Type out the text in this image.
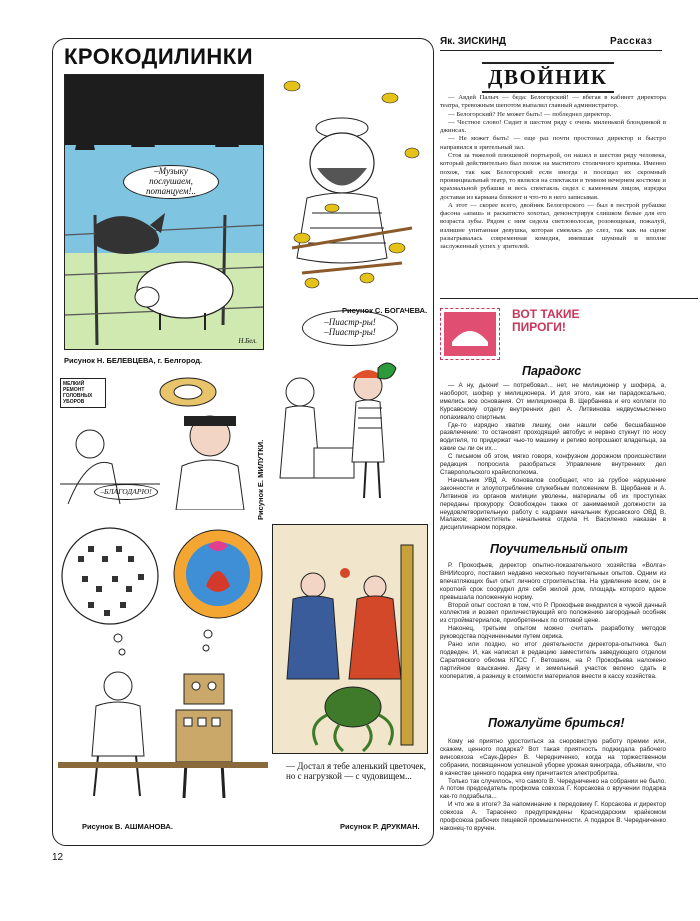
Як. ЗИСКИНД	Рассказ
КРОКОДИЛИНКИ
–Музыку послушаем, потанцуем!..
Н.Бел.
Рисунок Н. БЕЛЕВЦЕВА, г. Белгород.
Рисунок С. БОГАЧЕВА.
МЕЛКИЙ РЕМОНТ ГОЛОВНЫХ УБОРОВ
–БЛАГОДАРЮ!	Рисунок Е. МИЛУТКИ.
–Пиастр-ры!
–Пиастр-ры!
Рисунок В. АШМАНОВА.
— Достал я тебе аленький цветочек, но с нагрузкой — с чудовищем...
Рисунок Р. ДРУКМАН.
ДВОЙНИК

— Авдей Палыч — беда: Белогорский! — вбегая в кабинет директора театра, тревожным шепотом выпалил главный администратор.

— Белогорский? Не может быть! — побледнел директор.

— Честное слово! Сидит в шестом ряду с очень миленькой блондинкой в джинсах.

— Не может быть! — еще раз почти простонал директор и быстро направился в зрительный зал.

Стоя за тяжелой плюшевой портьерой, он нашел в шестом ряду человека, который действительно был похож на маститого столичного критика. Именно похож, так как Белогорский если иногда и посещал их скромный провинциальный театр, то являлся на спектакли в темном вечернем костюме и крахмальной рубашке и весь спектакль сидел с каменным лицом, изредка доставая из кармана блокнот и что-то в него записывая.

А этот — скорее всего, двойник Белогорского — был в пестрой рубашке фасона «апаш» и раскатисто хохотал, демонстрируя слишком белые для его возраста зубы. Рядом с ним сидела светловолосая, розовощекая, пожалуй, излишне упитанная девушка, которая смеялась до слез, так как на сцене разыгрывалась современная комедия, имевшая шумный и вполне заслуженный успех у зрителей.

ВОТ ТАКИЕ ПИРОГИ!
Парадокс

— А ну, дыхни! — потребовал... нет, не милиционер у шофера, а, наоборот, шофер у милиционера. И для этого, как ни парадоксально, имелись все основания. От милиционера В. Щербанева и его коллеги по Курсавскому отделу внутренних дел А. Литвинова недвусмысленно попахивало спиртным.

Где-то изрядно хватив лишку, они нашли себе бесшабашное развлечение: то остановят проходящий автобус и нервно стукнут по носу водителя, то придержат чью-то машину и ретиво вопрошают владельца, за какие сы ли он их...

С письмом об этом, мягко говоря, конфузном дорожном происшествии редакция попросила разобраться Управление внутренних дел Ставропольского крайисполкома.

Начальник УВД А. Коновалов сообщает, что за грубое нарушение законности и злоупотребление служебным положением В. Щербанев и А. Литвинов из органов милиции уволены, материалы об их проступках переданы прокурору. Освобожден также от занимаемой должности за неудовлетворительную работу с кадрами начальник Курсавского ОВД В. Малахов; заместитель начальника отдела Н. Василенко наказан в дисциплинарном порядке.

Поучительный опыт

Р. Прокофьев, директор опытно-показательного хозяйства «Волга» ВНИИсорго, поставил недавно несколько поучительных опытов. Одним из впечатляющих был опыт личного строительства. На удивление всем, он в короткий срок соорудил для себя жилой дом, площадь которого вдвое превышала положенную норму.

Второй опыт состоял в том, что Р. Прокофьев внедрился в чужой дачный коллектив и возвел приличествующий его положению загородный особняк из стройматериалов, приобретенных по оптовой цене.

Наконец, третьим опытом можно считать разработку методов руководства подчиненными путем окрика.

Рано или поздно, но итог деятельности директора-опытника был подведен. И, как написал в редакцию заместитель заведующего отделом Саратовского обкома КПСС Г. Ветошкин, на Р. Прокофьева наложено партийное взыскание. Дачу и земельный участок велено сдать в кооператив, а разницу в стоимости материалов внести в кассу хозяйства.

Пожалуйте бриться!

Кому не приятно удостоиться за сноровистую работу премии или, скажем, ценного подарка? Вот такая приятность поджидала рабочего винсовхоза «Саук-Дере» В. Чередниченко, когда на торжественном собрании, посвященном успешной уборке урожая винограда, объявили, что в качестве ценного подарка ему причитается электробритва.

Только так случилось, что самого В. Чередниченко на собрании не было. А потом председатель профкома совхоза Г. Корсакова о вручении подарка как-то подзабыла...

И что же в итоге? За напоминание к передовику Г. Корсакова и директор совхоза А. Тарасенко предупреждены Краснодарским крайкомом профсоюза рабочих пищевой промышленности. А подарок В. Чередниченко наконец-то вручен.

12
